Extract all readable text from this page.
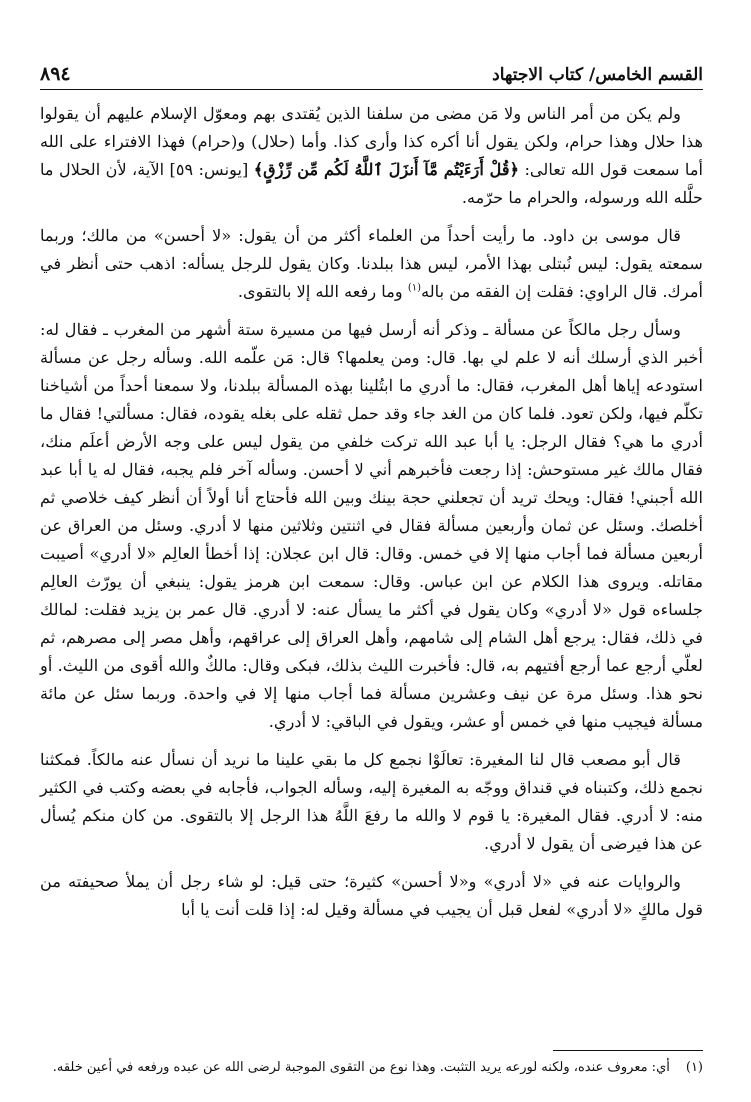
القسم الخامس/ كتاب الاجتهاد
٨٩٤

ولم يكن من أمر الناس ولا مَن مضى من سلفنا الذين يُقتدى بهم ومعوّل الإسلام عليهم أن يقولوا هذا حلال وهذا حرام، ولكن يقول أنا أكره كذا وأرى كذا. وأما (حلال) و(حرام) فهذا الافتراء على الله أما سمعت قول الله تعالى: ﴿قُلْ أَرَءَيْتُم مَّآ أَنزَلَ ٱللَّهُ لَكُم مِّن رِّزْقٍ﴾ [يونس: ٥٩] الآية، لأن الحلال ما حلَّله الله ورسوله، والحرام ما حرّمه.

قال موسى بن داود. ما رأيت أحداً من العلماء أكثر من أن يقول: «لا أحسن» من مالك؛ وربما سمعته يقول: ليس نُبتلى بهذا الأمر، ليس هذا ببلدنا. وكان يقول للرجل يسأله: اذهب حتى أنظر في أمرك. قال الراوي: فقلت إن الفقه من باله$^{(١)}$ وما رفعه الله إلا بالتقوى.

وسأل رجل مالكاً عن مسألة ـ وذكر أنه أرسل فيها من مسيرة ستة أشهر من المغرب ـ فقال له: أخبر الذي أرسلك أنه لا علم لي بها. قال: ومن يعلمها؟ قال: مَن علّمه الله. وسأله رجل عن مسألة استودعه إياها أهل المغرب، فقال: ما أدري ما ابتُلينا بهذه المسألة ببلدنا، ولا سمعنا أحداً من أشياخنا تكلّم فيها، ولكن تعود. فلما كان من الغد جاء وقد حمل ثقله على بغله يقوده، فقال: مسألتي! فقال ما أدري ما هي؟ فقال الرجل: يا أبا عبد الله تركت خلفي من يقول ليس على وجه الأرض أعلَم منك، فقال مالك غير مستوحش: إذا رجعت فأخبرهم أني لا أحسن. وسأله آخر فلم يجبه، فقال له يا أبا عبد الله أجبني! فقال: ويحك تريد أن تجعلني حجة بينك وبين الله فأحتاج أنا أولاً أن أنظر كيف خلاصي ثم أخلصك. وسئل عن ثمان وأربعين مسألة فقال في اثنتين وثلاثين منها لا أدري. وسئل من العراق عن أربعين مسألة فما أجاب منها إلا في خمس. وقال: قال ابن عجلان: إذا أخطأ العالِم «لا أدري» أصيبت مقاتله. ويروى هذا الكلام عن ابن عباس. وقال: سمعت ابن هرمز يقول: ينبغي أن يورّث العالِم جلساءه قول «لا أدري» وكان يقول في أكثر ما يسأل عنه: لا أدري. قال عمر بن يزيد فقلت: لمالك في ذلك، فقال: يرجع أهل الشام إلى شامهم، وأهل العراق إلى عراقهم، وأهل مصر إلى مصرهم، ثم لعلّي أرجع عما أرجع أفتيهم به، قال: فأخبرت الليث بذلك، فبكى وقال: مالكٌ والله أقوى من الليث. أو نحو هذا. وسئل مرة عن نيف وعشرين مسألة فما أجاب منها إلا في واحدة. وربما سئل عن مائة مسألة فيجيب منها في خمس أو عشر، ويقول في الباقي: لا أدري.

قال أبو مصعب قال لنا المغيرة: تعالَوْا نجمع كل ما بقي علينا ما نريد أن نسأل عنه مالكاً. فمكثنا نجمع ذلك، وكتبناه في قنداق ووجّه به المغيرة إليه، وسأله الجواب، فأجابه في بعضه وكتب في الكثير منه: لا أدري. فقال المغيرة: يا قوم لا والله ما رفعَ اللَّهُ هذا الرجل إلا بالتقوى. من كان منكم يُسأل عن هذا فيرضى أن يقول لا أدري.

والروايات عنه في «لا أدري» و«لا أحسن» كثيرة؛ حتى قيل: لو شاء رجل أن يملأ صحيفته من قول مالكٍ «لا أدري» لفعل قبل أن يجيب في مسألة وقيل له: إذا قلت أنت يا أبا

(١)أي: معروف عنده، ولكنه لورعه يريد التثبت. وهذا نوع من التقوى الموجبة لرضى الله عن عبده ورفعه في أعين خلقه.
